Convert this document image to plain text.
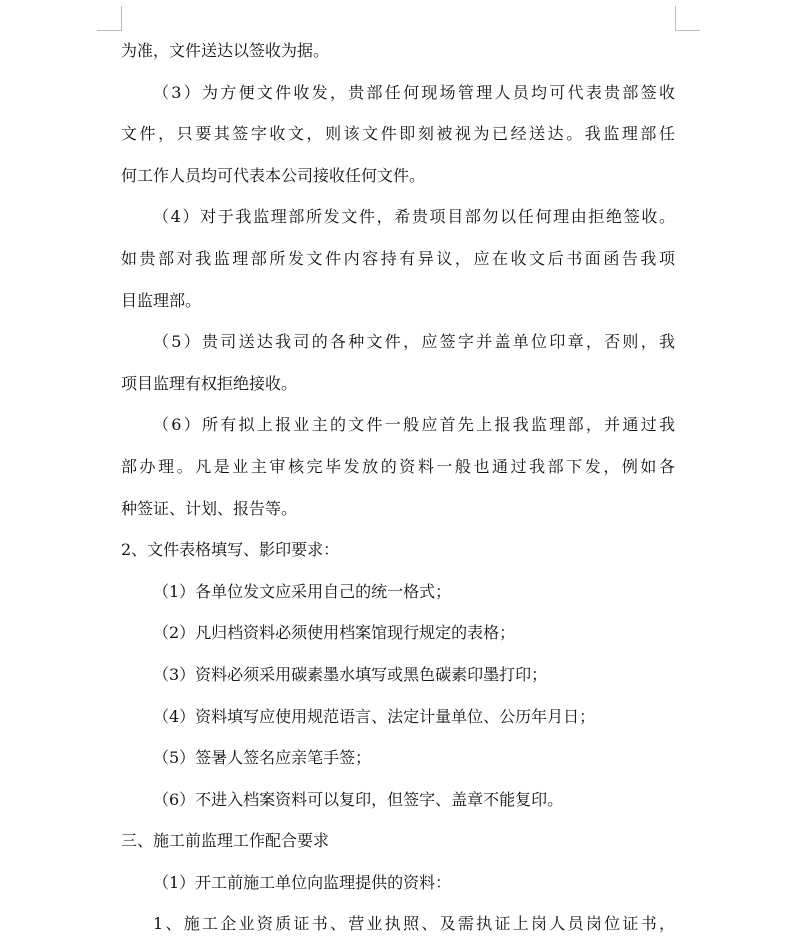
为准，文件送达以签收为据。
（3）为方便文件收发，贵部任何现场管理人员均可代表贵部签收
文件，只要其签字收文，则该文件即刻被视为已经送达。我监理部任
何工作人员均可代表本公司接收任何文件。
（4）对于我监理部所发文件，希贵项目部勿以任何理由拒绝签收。
如贵部对我监理部所发文件内容持有异议，应在收文后书面函告我项
目监理部。
（5）贵司送达我司的各种文件，应签字并盖单位印章，否则，我
项目监理有权拒绝接收。
（6）所有拟上报业主的文件一般应首先上报我监理部，并通过我
部办理。凡是业主审核完毕发放的资料一般也通过我部下发，例如各
种签证、计划、报告等。
2、文件表格填写、影印要求：
（1）各单位发文应采用自己的统一格式；
（2）凡归档资料必须使用档案馆现行规定的表格；
（3）资料必须采用碳素墨水填写或黑色碳素印墨打印；
（4）资料填写应使用规范语言、法定计量单位、公历年月日；
（5）签暑人签名应亲笔手签；
（6）不进入档案资料可以复印，但签字、盖章不能复印。
三、施工前监理工作配合要求
（1）开工前施工单位向监理提供的资料：
1、施工企业资质证书、营业执照、及需执证上岗人员岗位证书，
